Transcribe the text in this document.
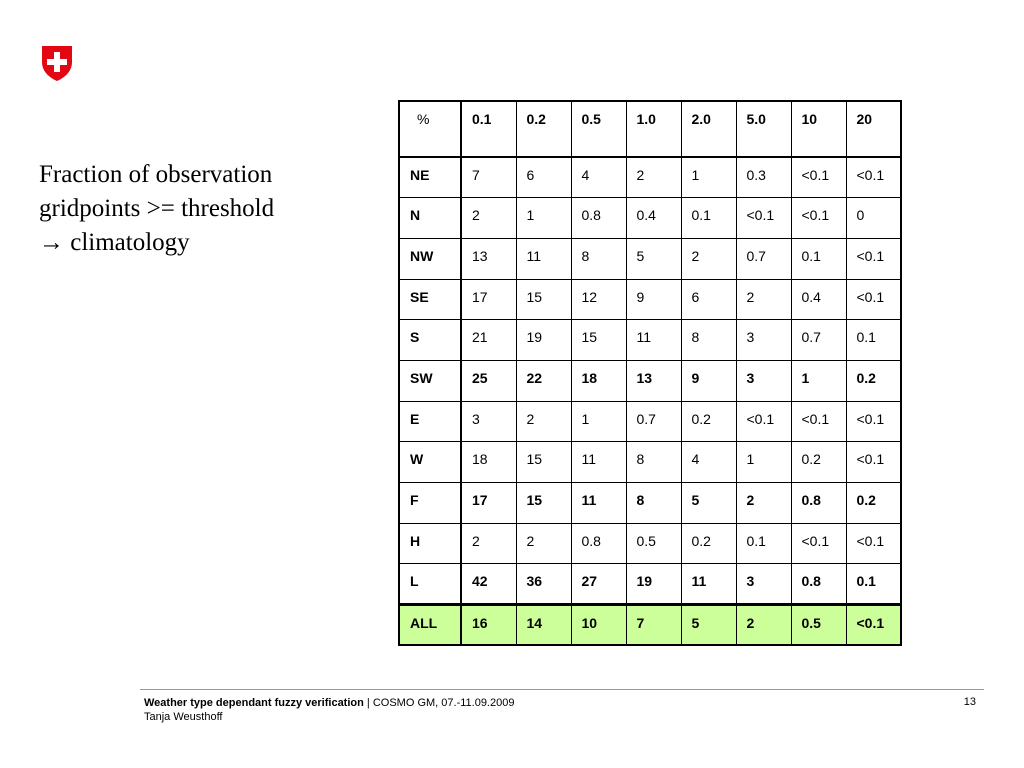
Fraction of observation
gridpoints >= threshold
→ climatology
%	0.1	0.2	0.5	1.0	2.0	5.0	10	20
NE	7	6	4	2	1	0.3	<0.1	<0.1
N	2	1	0.8	0.4	0.1	<0.1	<0.1	0
NW	13	11	8	5	2	0.7	0.1	<0.1
SE	17	15	12	9	6	2	0.4	<0.1
S	21	19	15	11	8	3	0.7	0.1
SW	25	22	18	13	9	3	1	0.2
E	3	2	1	0.7	0.2	<0.1	<0.1	<0.1
W	18	15	11	8	4	1	0.2	<0.1
F	17	15	11	8	5	2	0.8	0.2
H	2	2	0.8	0.5	0.2	0.1	<0.1	<0.1
L	42	36	27	19	11	3	0.8	0.1
ALL	16	14	10	7	5	2	0.5	<0.1
Weather type dependant fuzzy verification | COSMO GM, 07.-11.09.2009
Tanja Weusthoff
13
